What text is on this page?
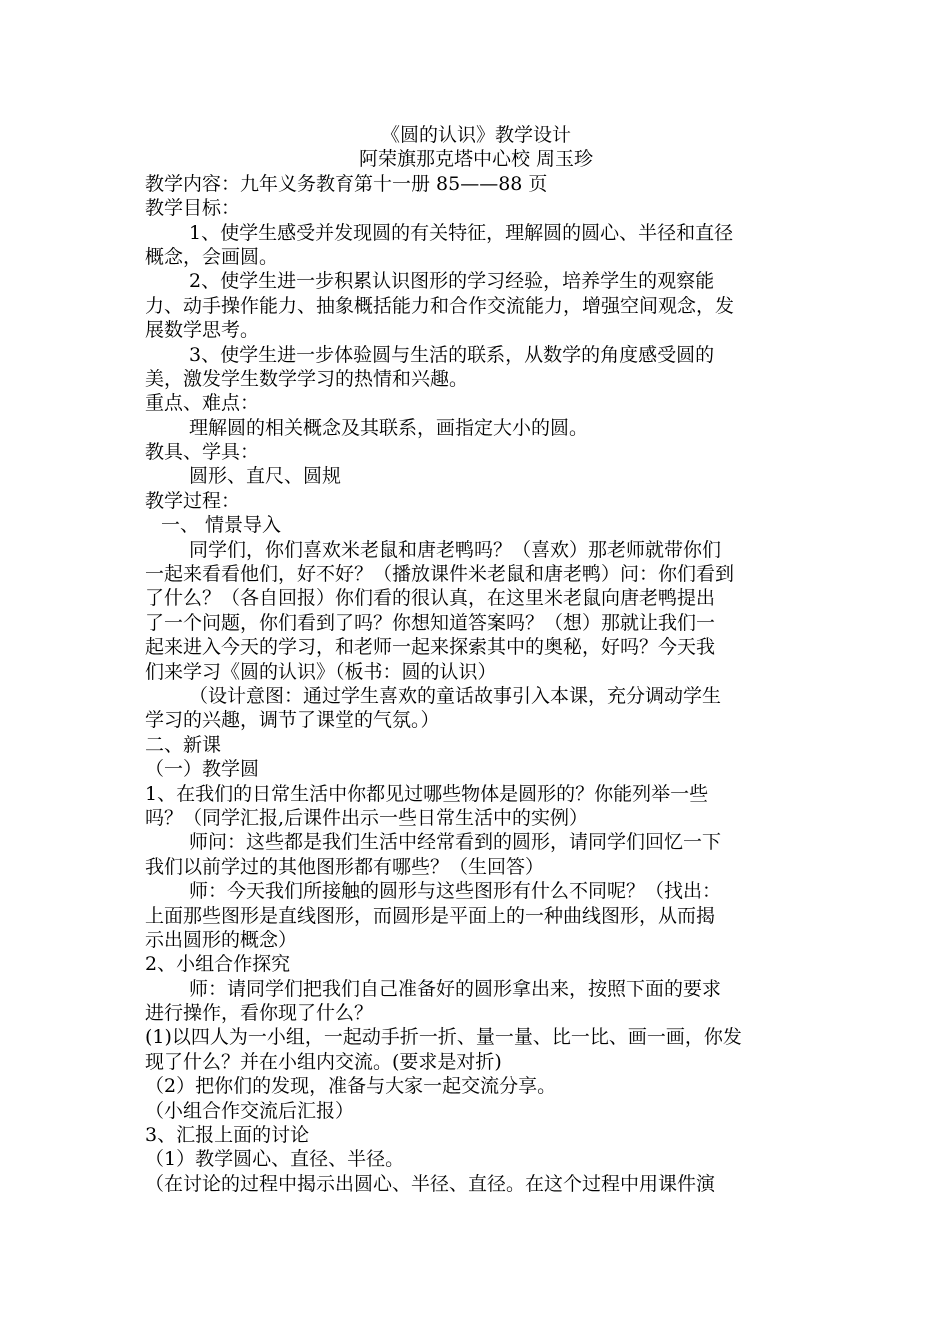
《圆的认识》教学设计
阿荣旗那克塔中心校 周玉珍
教学内容：九年义务教育第十一册 85——88 页
教学目标：
1、使学生感受并发现圆的有关特征，理解圆的圆心、半径和直径
概念，会画圆。
2、使学生进一步积累认识图形的学习经验，培养学生的观察能
力、动手操作能力、抽象概括能力和合作交流能力，增强空间观念，发
展数学思考。
3、使学生进一步体验圆与生活的联系，从数学的角度感受圆的
美，激发学生数学学习的热情和兴趣。
重点、难点：
理解圆的相关概念及其联系，画指定大小的圆。
教具、学具：
圆形、直尺、圆规
教学过程：
一、 情景导入
同学们，你们喜欢米老鼠和唐老鸭吗？（喜欢）那老师就带你们
一起来看看他们，好不好？（播放课件米老鼠和唐老鸭）问：你们看到
了什么？（各自回报）你们看的很认真，在这里米老鼠向唐老鸭提出
了一个问题，你们看到了吗？你想知道答案吗？（想）那就让我们一
起来进入今天的学习，和老师一起来探索其中的奥秘，好吗？今天我
们来学习《圆的认识》（板书：圆的认识）
（设计意图：通过学生喜欢的童话故事引入本课，充分调动学生
学习的兴趣，调节了课堂的气氛。）
二、新课
（一）教学圆
1、在我们的日常生活中你都见过哪些物体是圆形的？你能列举一些
吗？（同学汇报,后课件出示一些日常生活中的实例）
师问：这些都是我们生活中经常看到的圆形，请同学们回忆一下
我们以前学过的其他图形都有哪些？（生回答）
师：今天我们所接触的圆形与这些图形有什么不同呢？（找出：
上面那些图形是直线图形，而圆形是平面上的一种曲线图形，从而揭
示出圆形的概念）
2、小组合作探究
师：请同学们把我们自己准备好的圆形拿出来，按照下面的要求
进行操作，看你现了什么？
(1)以四人为一小组，一起动手折一折、量一量、比一比、画一画，你发
现了什么？并在小组内交流。(要求是对折)
（2）把你们的发现，准备与大家一起交流分享。
（小组合作交流后汇报）
3、汇报上面的讨论
（1）教学圆心、直径、半径。
（在讨论的过程中揭示出圆心、半径、直径。在这个过程中用课件演
